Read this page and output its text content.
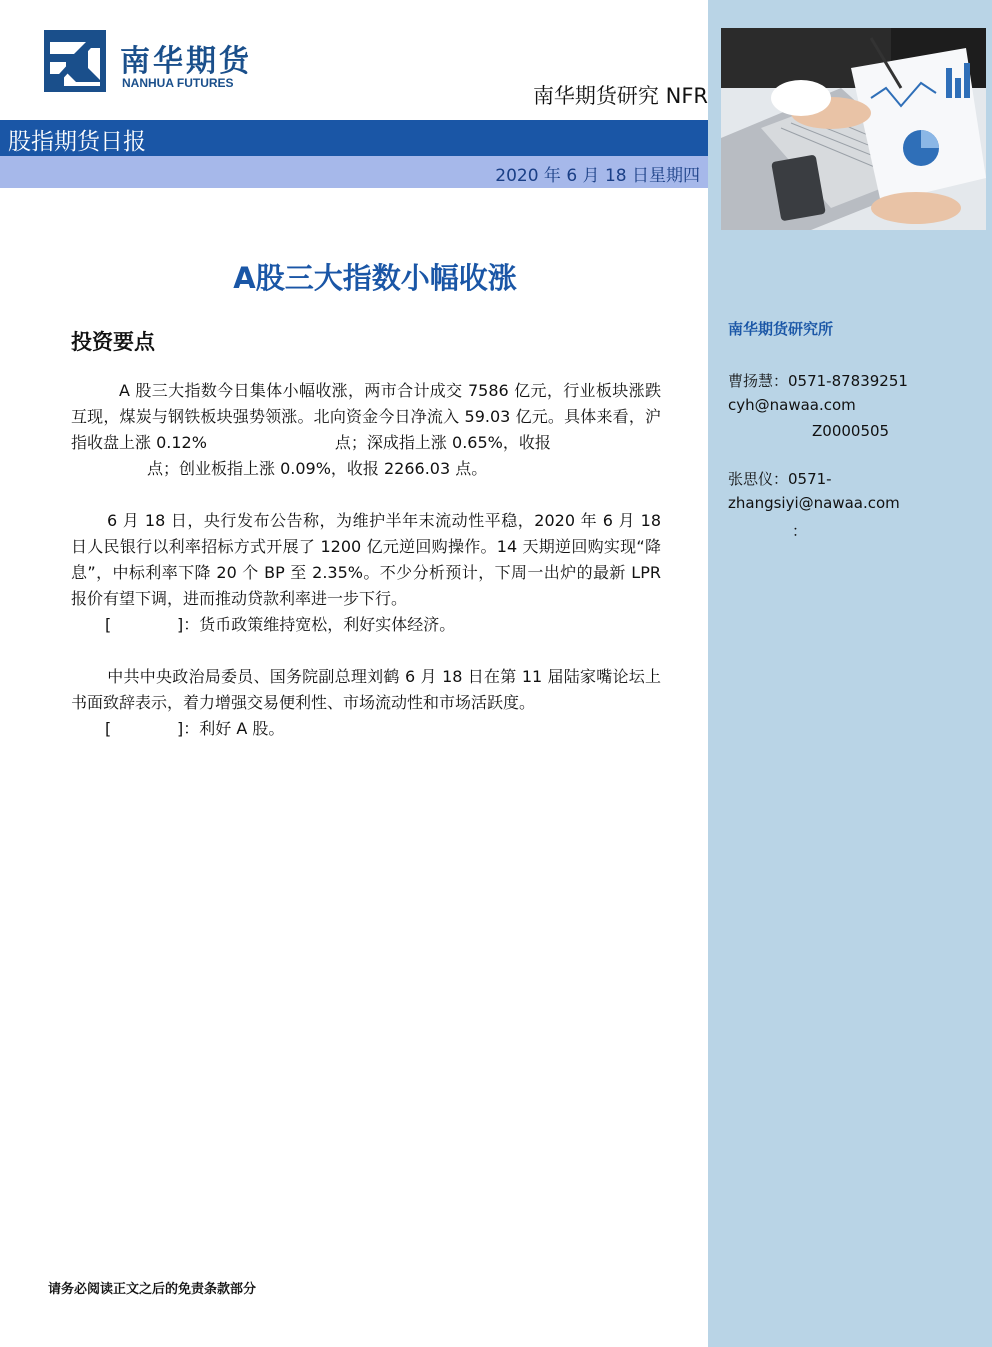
南华期货
NANHUA FUTURES
南华期货研究 NFR
股指期货日报
2020 年 6 月 18 日星期四
A股三大指数小幅收涨
投资要点
A 股三大指数今日集体小幅收涨，两市合计成交 7586 亿元，行业板块涨跌互现，煤炭与钢铁板块强势领涨。北向资金今日净流入 59.03 亿元。具体来看，沪指收盘上涨 0.12%	点；深成指上涨 0.65%，收报
点；创业板指上涨 0.09%，收报 2266.03 点。
6 月 18 日，央行发布公告称，为维护半年末流动性平稳，2020 年 6 月 18 日人民银行以利率招标方式开展了 1200 亿元逆回购操作。14 天期逆回购实现“降息”，中标利率下降 20 个 BP 至 2.35%。不少分析预计，下周一出炉的最新 LPR 报价有望下调，进而推动贷款利率进一步下行。
[	]：货币政策维持宽松，利好实体经济。
中共中央政治局委员、国务院副总理刘鹤 6 月 18 日在第 11 届陆家嘴论坛上书面致辞表示，着力增强交易便利性、市场流动性和市场活跃度。
[	]：利好 A 股。
南华期货研究所
曹扬慧：0571-87839251
cyh@nawaa.com
Z0000505
张思仪：0571-
zhangsiyi@nawaa.com
：
请务必阅读正文之后的免责条款部分
